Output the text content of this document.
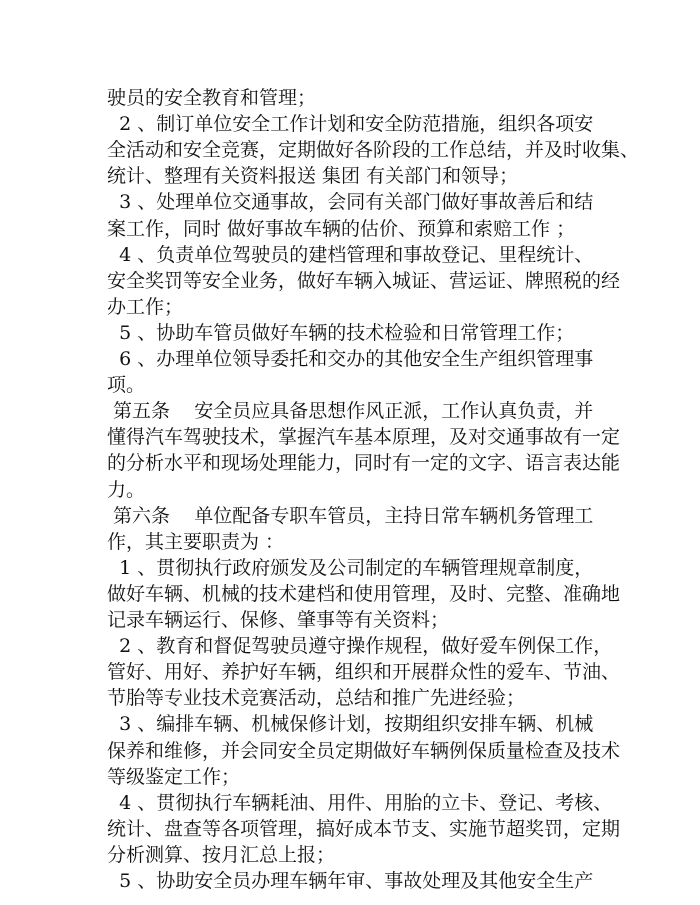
驶员的安全教育和管理；
2 、制订单位安全工作计划和安全防范措施，组织各项安
全活动和安全竞赛，定期做好各阶段的工作总结，并及时收集、
统计、整理有关资料报送 集团 有关部门和领导；
3 、处理单位交通事故，会同有关部门做好事故善后和结
案工作，同时 做好事故车辆的估价、预算和索赔工作 ；
4 、负责单位驾驶员的建档管理和事故登记、里程统计、
安全奖罚等安全业务，做好车辆入城证、营运证、牌照税的经
办工作；
5 、协助车管员做好车辆的技术检验和日常管理工作；
6 、办理单位领导委托和交办的其他安全生产组织管理事
项。
第五条    安全员应具备思想作风正派，工作认真负责，并
懂得汽车驾驶技术，掌握汽车基本原理，及对交通事故有一定
的分析水平和现场处理能力，同时有一定的文字、语言表达能
力。
第六条    单位配备专职车管员，主持日常车辆机务管理工
作，其主要职责为 ：
1 、贯彻执行政府颁发及公司制定的车辆管理规章制度，
做好车辆、机械的技术建档和使用管理，及时、完整、准确地
记录车辆运行、保修、肇事等有关资料；
2 、教育和督促驾驶员遵守操作规程，做好爱车例保工作，
管好、用好、养护好车辆，组织和开展群众性的爱车、节油、
节胎等专业技术竞赛活动，总结和推广先进经验；
3 、编排车辆、机械保修计划，按期组织安排车辆、机械
保养和维修，并会同安全员定期做好车辆例保质量检查及技术
等级鉴定工作；
4 、贯彻执行车辆耗油、用件、用胎的立卡、登记、考核、
统计、盘查等各项管理，搞好成本节支、实施节超奖罚，定期
分析测算、按月汇总上报；
5 、协助安全员办理车辆年审、事故处理及其他安全生产
